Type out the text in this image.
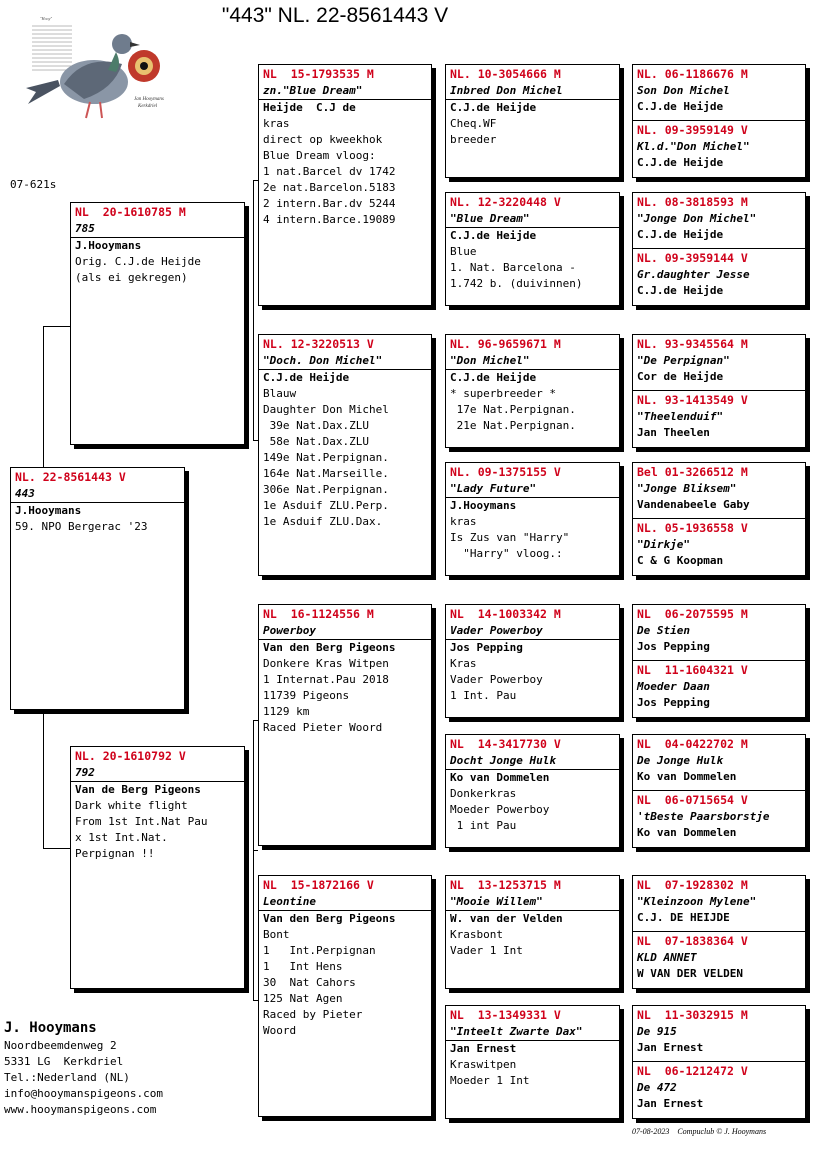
"443" NL. 22-8561443 V
"Hooy"
Jan Hooymans
Kerkdriel
07-621s
NL. 22-8561443 V
443
J.Hooymans
59. NPO Bergerac '23
NL  20-1610785 M
785
J.Hooymans
Orig. C.J.de Heijde
(als ei gekregen)
NL. 20-1610792 V
792
Van de Berg Pigeons
Dark white flight
From 1st Int.Nat Pau
x 1st Int.Nat.
Perpignan !!
NL  15-1793535 M
zn."Blue Dream"
Heijde  C.J de
kras
direct op kweekhok
Blue Dream vloog:
1 nat.Barcel dv 1742
2e nat.Barcelon.5183
2 intern.Bar.dv 5244
4 intern.Barce.19089
NL. 12-3220513 V
"Doch. Don Michel"
C.J.de Heijde
Blauw
Daughter Don Michel
39e Nat.Dax.ZLU
58e Nat.Dax.ZLU
149e Nat.Perpignan.
164e Nat.Marseille.
306e Nat.Perpignan.
1e Asduif ZLU.Perp.
1e Asduif ZLU.Dax.
NL  16-1124556 M
Powerboy
Van den Berg Pigeons
Donkere Kras Witpen
1 Internat.Pau 2018
11739 Pigeons
1129 km
Raced Pieter Woord
NL  15-1872166 V
Leontine
Van den Berg Pigeons
Bont
1   Int.Perpignan
1   Int Hens
30  Nat Cahors
125 Nat Agen
Raced by Pieter
Woord
NL. 10-3054666 M
Inbred Don Michel
C.J.de Heijde
Cheq.WF
breeder
NL. 12-3220448 V
"Blue Dream"
C.J.de Heijde
Blue
1. Nat. Barcelona -
1.742 b. (duivinnen)
NL. 96-9659671 M
"Don Michel"
C.J.de Heijde
* superbreeder *
17e Nat.Perpignan.
21e Nat.Perpignan.
NL. 09-1375155 V
"Lady Future"
J.Hooymans
kras
Is Zus van "Harry"
"Harry" vloog.:
NL  14-1003342 M
Vader Powerboy
Jos Pepping
Kras
Vader Powerboy
1 Int. Pau
NL  14-3417730 V
Docht Jonge Hulk
Ko van Dommelen
Donkerkras
Moeder Powerboy
1 int Pau
NL  13-1253715 M
"Mooie Willem"
W. van der Velden
Krasbont
Vader 1 Int
NL  13-1349331 V
"Inteelt Zwarte Dax"
Jan Ernest
Kraswitpen
Moeder 1 Int
NL. 06-1186676 M
Son Don Michel
C.J.de Heijde
NL. 09-3959149 V
Kl.d."Don Michel"
C.J.de Heijde
NL. 08-3818593 M
"Jonge Don Michel"
C.J.de Heijde
NL. 09-3959144 V
Gr.daughter Jesse
C.J.de Heijde
NL. 93-9345564 M
"De Perpignan"
Cor de Heijde
NL. 93-1413549 V
"Theelenduif"
Jan Theelen
Bel 01-3266512 M
"Jonge Bliksem"
Vandenabeele Gaby
NL. 05-1936558 V
"Dirkje"
C & G Koopman
NL  06-2075595 M
De Stien
Jos Pepping
NL  11-1604321 V
Moeder Daan
Jos Pepping
NL  04-0422702 M
De Jonge Hulk
Ko van Dommelen
NL  06-0715654 V
'tBeste Paarsborstje
Ko van Dommelen
NL  07-1928302 M
"Kleinzoon Mylene"
C.J. DE HEIJDE
NL  07-1838364 V
KLD ANNET
W VAN DER VELDEN
NL  11-3032915 M
De 915
Jan Ernest
NL  06-1212472 V
De 472
Jan Ernest
J. Hooymans
Noordbeemdenweg 2
5331 LG  Kerkdriel
Tel.:Nederland (NL)
info@hooymanspigeons.com
www.hooymanspigeons.com
07-08-2023    Compuclub © J. Hooymans
